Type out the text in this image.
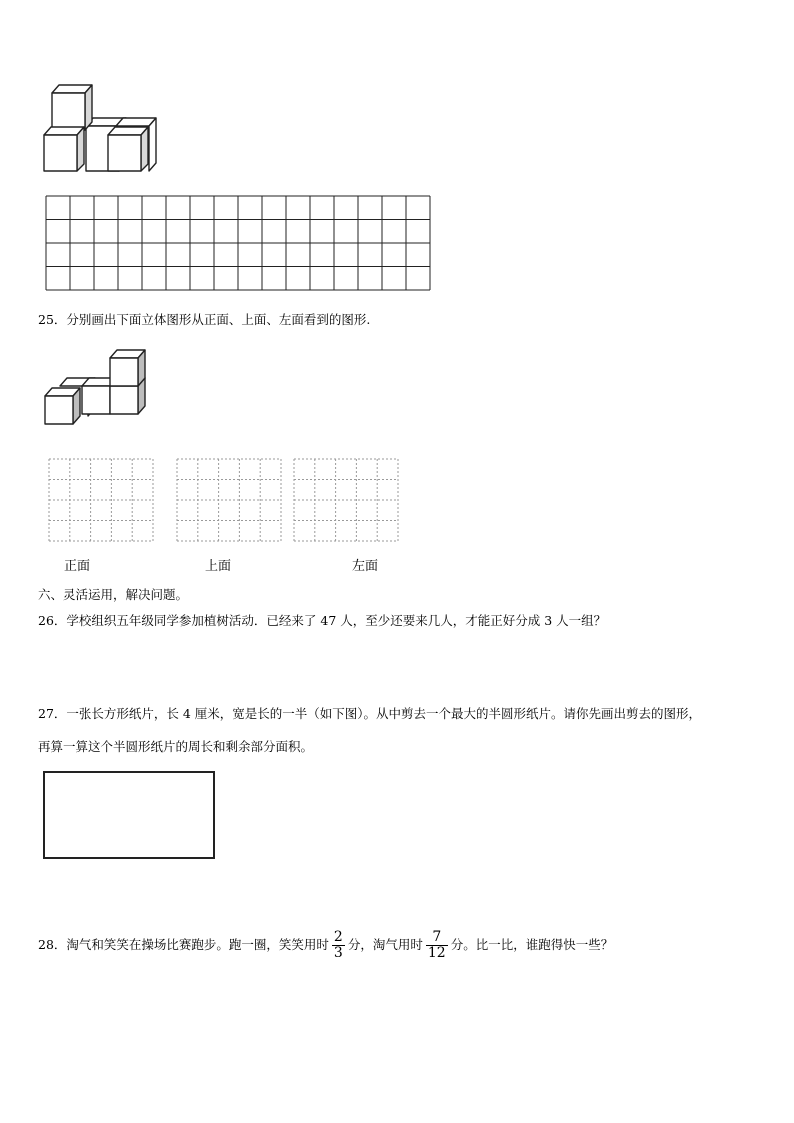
25．分别画出下面立体图形从正面、上面、左面看到的图形.
正面	上面	左面
六、灵活运用，解决问题。
26．学校组织五年级同学参加植树活动．已经来了 47 人，至少还要来几人，才能正好分成 3 人一组？
27．一张长方形纸片，长 4 厘米，宽是长的一半（如下图）。从中剪去一个最大的半圆形纸片。请你先画出剪去的图形，
再算一算这个半圆形纸片的周长和剩余部分面积。
28．淘气和笑笑在操场比赛跑步。跑一圈，笑笑用时 $\frac{2}{3}$ 分，淘气用时 $\frac{7}{12}$ 分。比一比，谁跑得快一些？
